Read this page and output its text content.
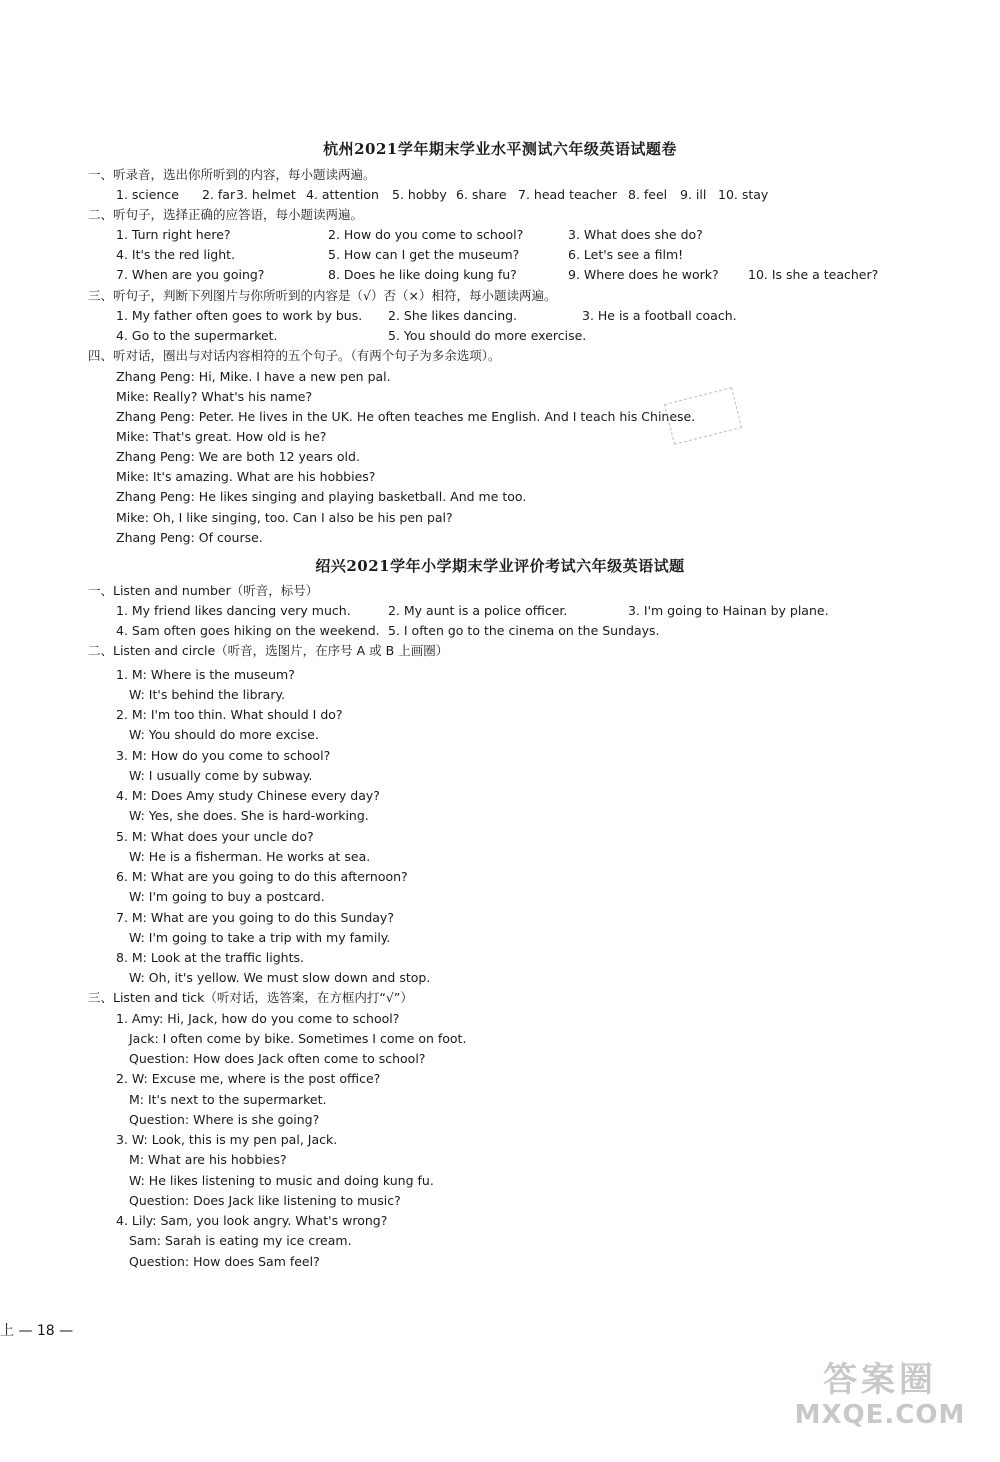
杭州2021学年期末学业水平测试六年级英语试题卷
一、听录音，选出你所听到的内容，每小题读两遍。
1. science 2. far 3. helmet 4. attention 5. hobby 6. share 7. head teacher 8. feel 9. ill 10. stay
二、听句子，选择正确的应答语，每小题读两遍。
1. Turn right here?	2. How do you come to school?	3. What does she do?
4. It's the red light.	5. How can I get the museum?	6. Let's see a film!
7. When are you going?	8. Does he like doing kung fu?	9. Where does he work? 10. Is she a teacher?
三、听句子，判断下列图片与你所听到的内容是（√）否（×）相符，每小题读两遍。
1. My father often goes to work by bus. 2. She likes dancing.	3. He is a football coach.
4. Go to the supermarket.	5. You should do more exercise.
四、听对话，圈出与对话内容相符的五个句子。（有两个句子为多余选项）。
Zhang Peng: Hi, Mike. I have a new pen pal.
Mike: Really? What's his name?
Zhang Peng: Peter. He lives in the UK. He often teaches me English. And I teach his Chinese.
Mike: That's great. How old is he?
Zhang Peng: We are both 12 years old.
Mike: It's amazing. What are his hobbies?
Zhang Peng: He likes singing and playing basketball. And me too.
Mike: Oh, I like singing, too. Can I also be his pen pal?
Zhang Peng: Of course.
绍兴2021学年小学期末学业评价考试六年级英语试题
一、Listen and number（听音，标号）
1. My friend likes dancing very much.	2. My aunt is a police officer.	3. I'm going to Hainan by plane.
4. Sam often goes hiking on the weekend. 5. I often go to the cinema on the Sundays.
二、Listen and circle（听音，选图片，在序号 A 或 B 上画圈）
1. M: Where is the museum?
W: It's behind the library.
2. M: I'm too thin. What should I do?
W: You should do more excise.
3. M: How do you come to school?
W: I usually come by subway.
4. M: Does Amy study Chinese every day?
W: Yes, she does. She is hard-working.
5. M: What does your uncle do?
W: He is a fisherman. He works at sea.
6. M: What are you going to do this afternoon?
W: I'm going to buy a postcard.
7. M: What are you going to do this Sunday?
W: I'm going to take a trip with my family.
8. M: Look at the traffic lights.
W: Oh, it's yellow. We must slow down and stop.
三、Listen and tick（听对话，选答案，在方框内打“√”）
1. Amy: Hi, Jack, how do you come to school?
Jack: I often come by bike. Sometimes I come on foot.
Question: How does Jack often come to school?
2. W: Excuse me, where is the post office?
M: It's next to the supermarket.
Question: Where is she going?
3. W: Look, this is my pen pal, Jack.
M: What are his hobbies?
W: He likes listening to music and doing kung fu.
Question: Does Jack like listening to music?
4. Lily: Sam, you look angry. What's wrong?
Sam: Sarah is eating my ice cream.
Question: How does Sam feel?
上 — 18 —
答案圈
MXQE.COM
